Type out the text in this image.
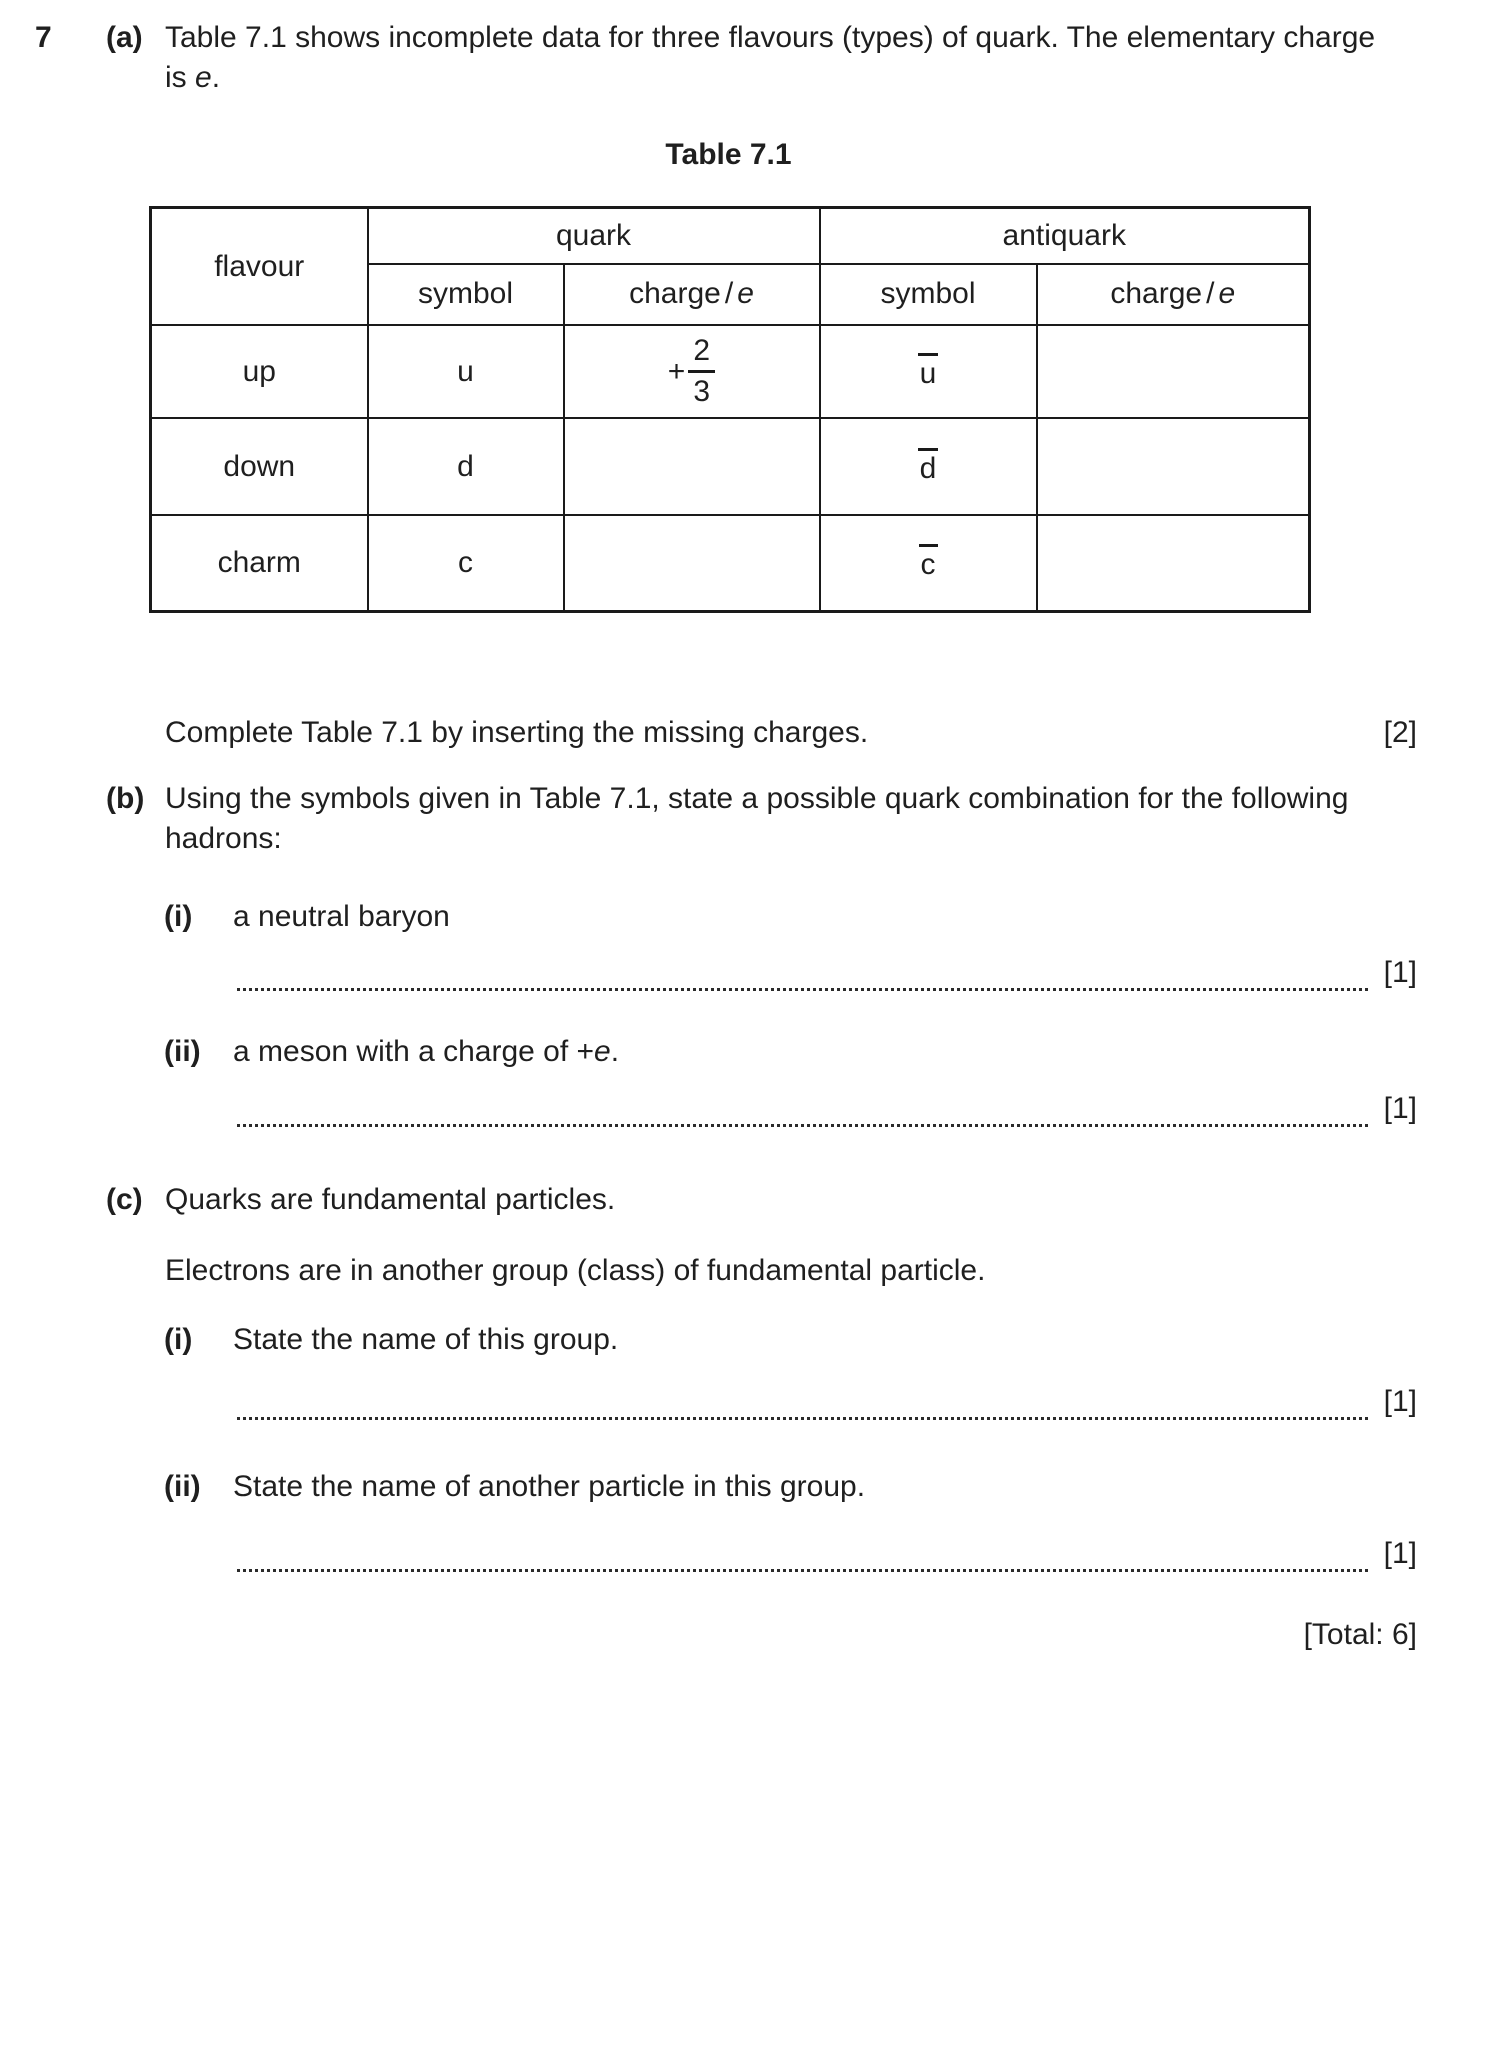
7	(a) Table 7.1 shows incomplete data for three flavours (types) of quark. The elementary charge
is e.
Table 7.1
flavour	quark		antiquark	
	symbol	charge / e	symbol	charge / e
up	u	+ $\frac{2}{3}$	u	
down	d		d	
charm	c		c	
Complete Table 7.1 by inserting the missing charges.	[2]
(b) Using the symbols given in Table 7.1, state a possible quark combination for the following
hadrons:
(i)	a neutral baryon
[1]
(ii)	a meson with a charge of +e.
[1]
(c) Quarks are fundamental particles.
Electrons are in another group (class) of fundamental particle.
(i)	State the name of this group.
[1]
(ii)	State the name of another particle in this group.
[1]
[Total: 6]
